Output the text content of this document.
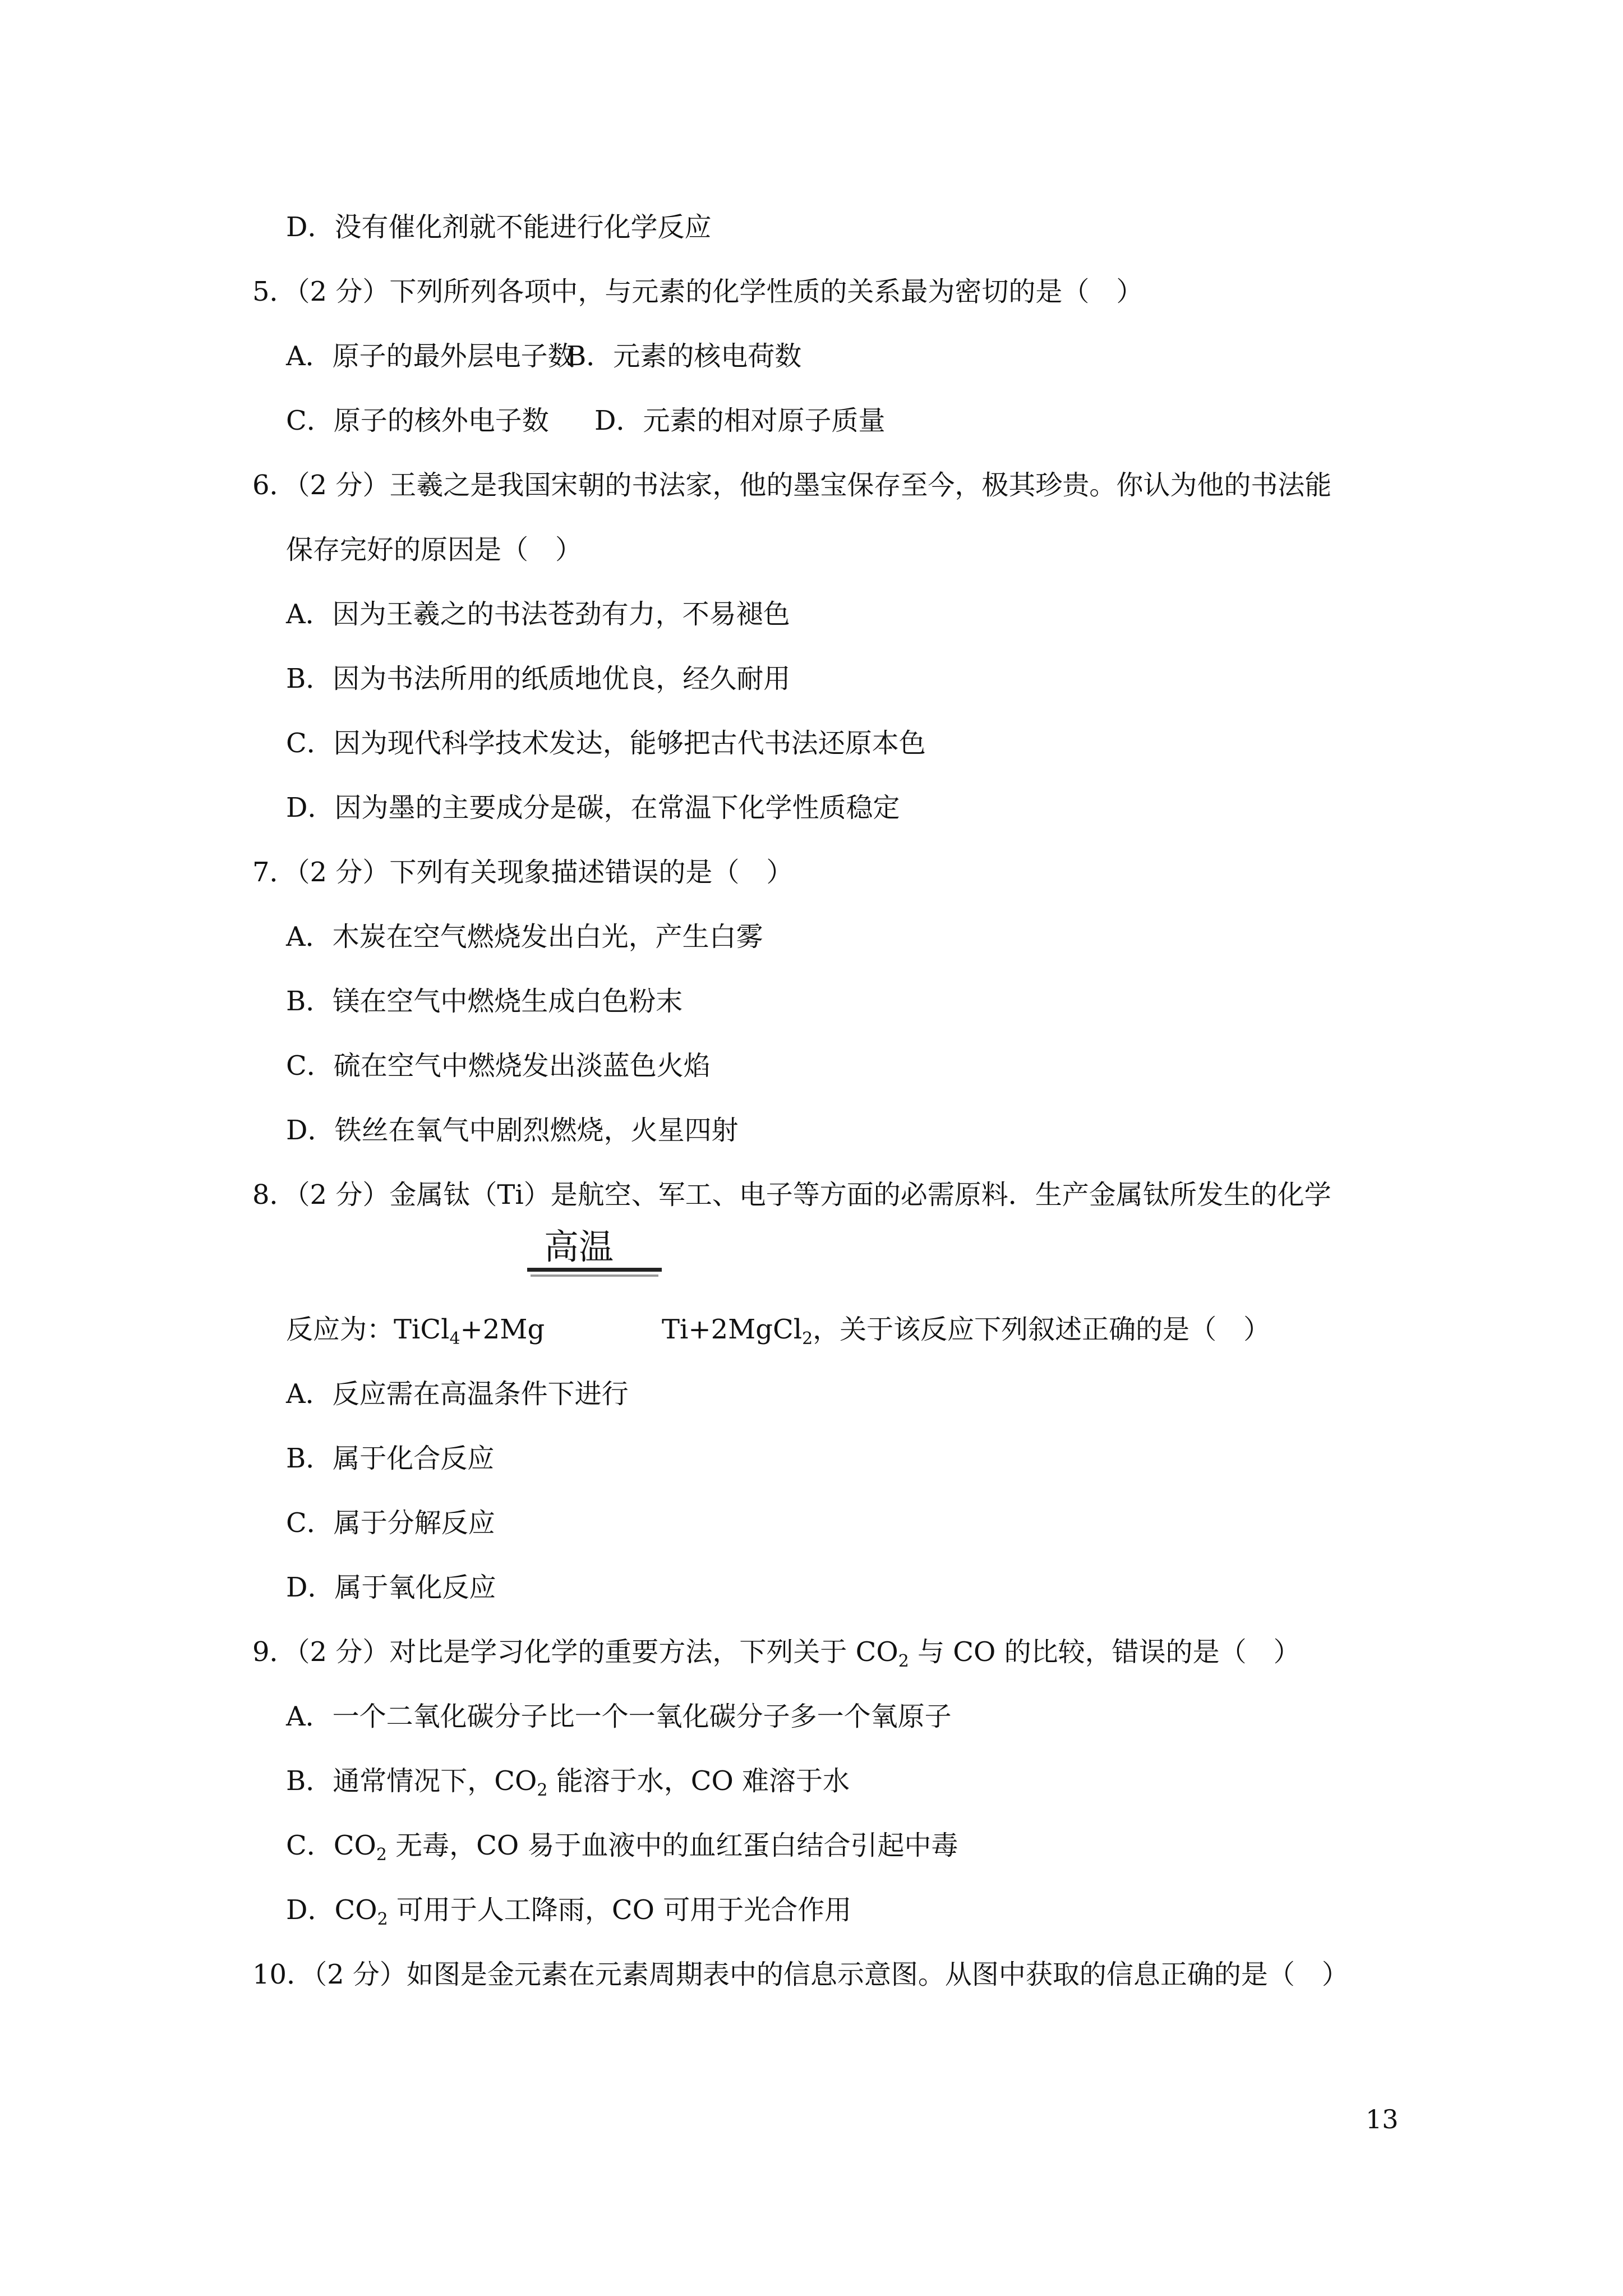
D．没有催化剂就不能进行化学反应
5．（2 分）下列所列各项中，与元素的化学性质的关系最为密切的是（　）
A．原子的最外层电子数
B．元素的核电荷数
C．原子的核外电子数 D．元素的相对原子质量
6．（2 分）王羲之是我国宋朝的书法家，他的墨宝保存至今，极其珍贵。你认为他的书法能
保存完好的原因是（　）
A．因为王羲之的书法苍劲有力，不易褪色
B．因为书法所用的纸质地优良，经久耐用
C．因为现代科学技术发达，能够把古代书法还原本色
D．因为墨的主要成分是碳，在常温下化学性质稳定
7．（2 分）下列有关现象描述错误的是（　）
A．木炭在空气燃烧发出白光，产生白雾
B．镁在空气中燃烧生成白色粉末
C．硫在空气中燃烧发出淡蓝色火焰
D．铁丝在氧气中剧烈燃烧，火星四射
8．（2 分）金属钛（Ti）是航空、军工、电子等方面的必需原料．生产金属钛所发生的化学
高温
反应为：TiCl$_4$+2Mg	Ti+2MgCl$_2$，关于该反应下列叙述正确的是（　）
A．反应需在高温条件下进行
B．属于化合反应
C．属于分解反应
D．属于氧化反应
9．（2 分）对比是学习化学的重要方法，下列关于 $CO_2$ 与 CO 的比较，错误的是（　）
A．一个二氧化碳分子比一个一氧化碳分子多一个氧原子
B．通常情况下，$CO_2$ 能溶于水，CO 难溶于水
C．$CO_2$ 无毒，CO 易于血液中的血红蛋白结合引起中毒
D．$CO_2$ 可用于人工降雨，CO 可用于光合作用
10．（2 分）如图是金元素在元素周期表中的信息示意图。从图中获取的信息正确的是（　）
13
